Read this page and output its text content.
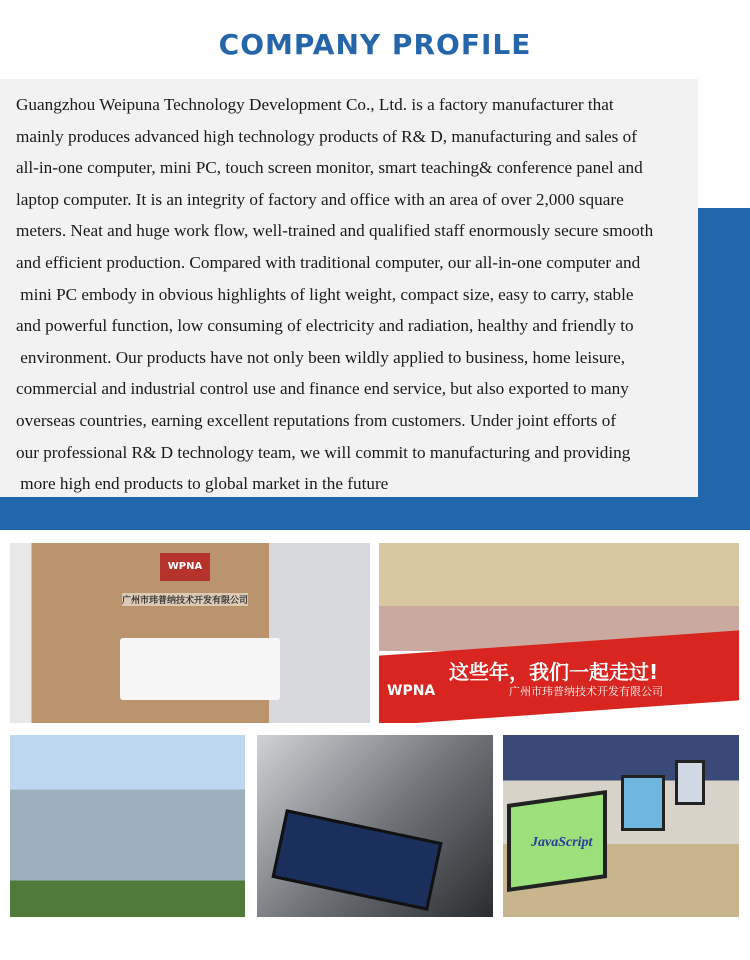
COMPANY PROFILE
Guangzhou Weipuna Technology Development Co., Ltd. is a factory manufacturer that
mainly produces advanced high technology products of R& D, manufacturing and sales of
all-in-one computer, mini PC, touch screen monitor, smart teaching& conference panel and
laptop computer. It is an integrity of factory and office with an area of over 2,000 square
meters. Neat and huge work flow, well-trained and qualified staff enormously secure smooth
and efficient production. Compared with traditional computer, our all-in-one computer and
mini PC embody in obvious highlights of light weight, compact size, easy to carry, stable
and powerful function, low consuming of electricity and radiation, healthy and friendly to
environment. Our products have not only been wildly applied to business, home leisure,
commercial and industrial control use and finance end service, but also exported to many
overseas countries, earning excellent reputations from customers. Under joint efforts of
our professional R& D technology team, we will commit to manufacturing and providing
more high end products to global market in the future
WPNA
广州市玮普纳技术开发有限公司
WPNA
这些年，我们一起走过!
广州市玮普纳技术开发有限公司
JavaScript
